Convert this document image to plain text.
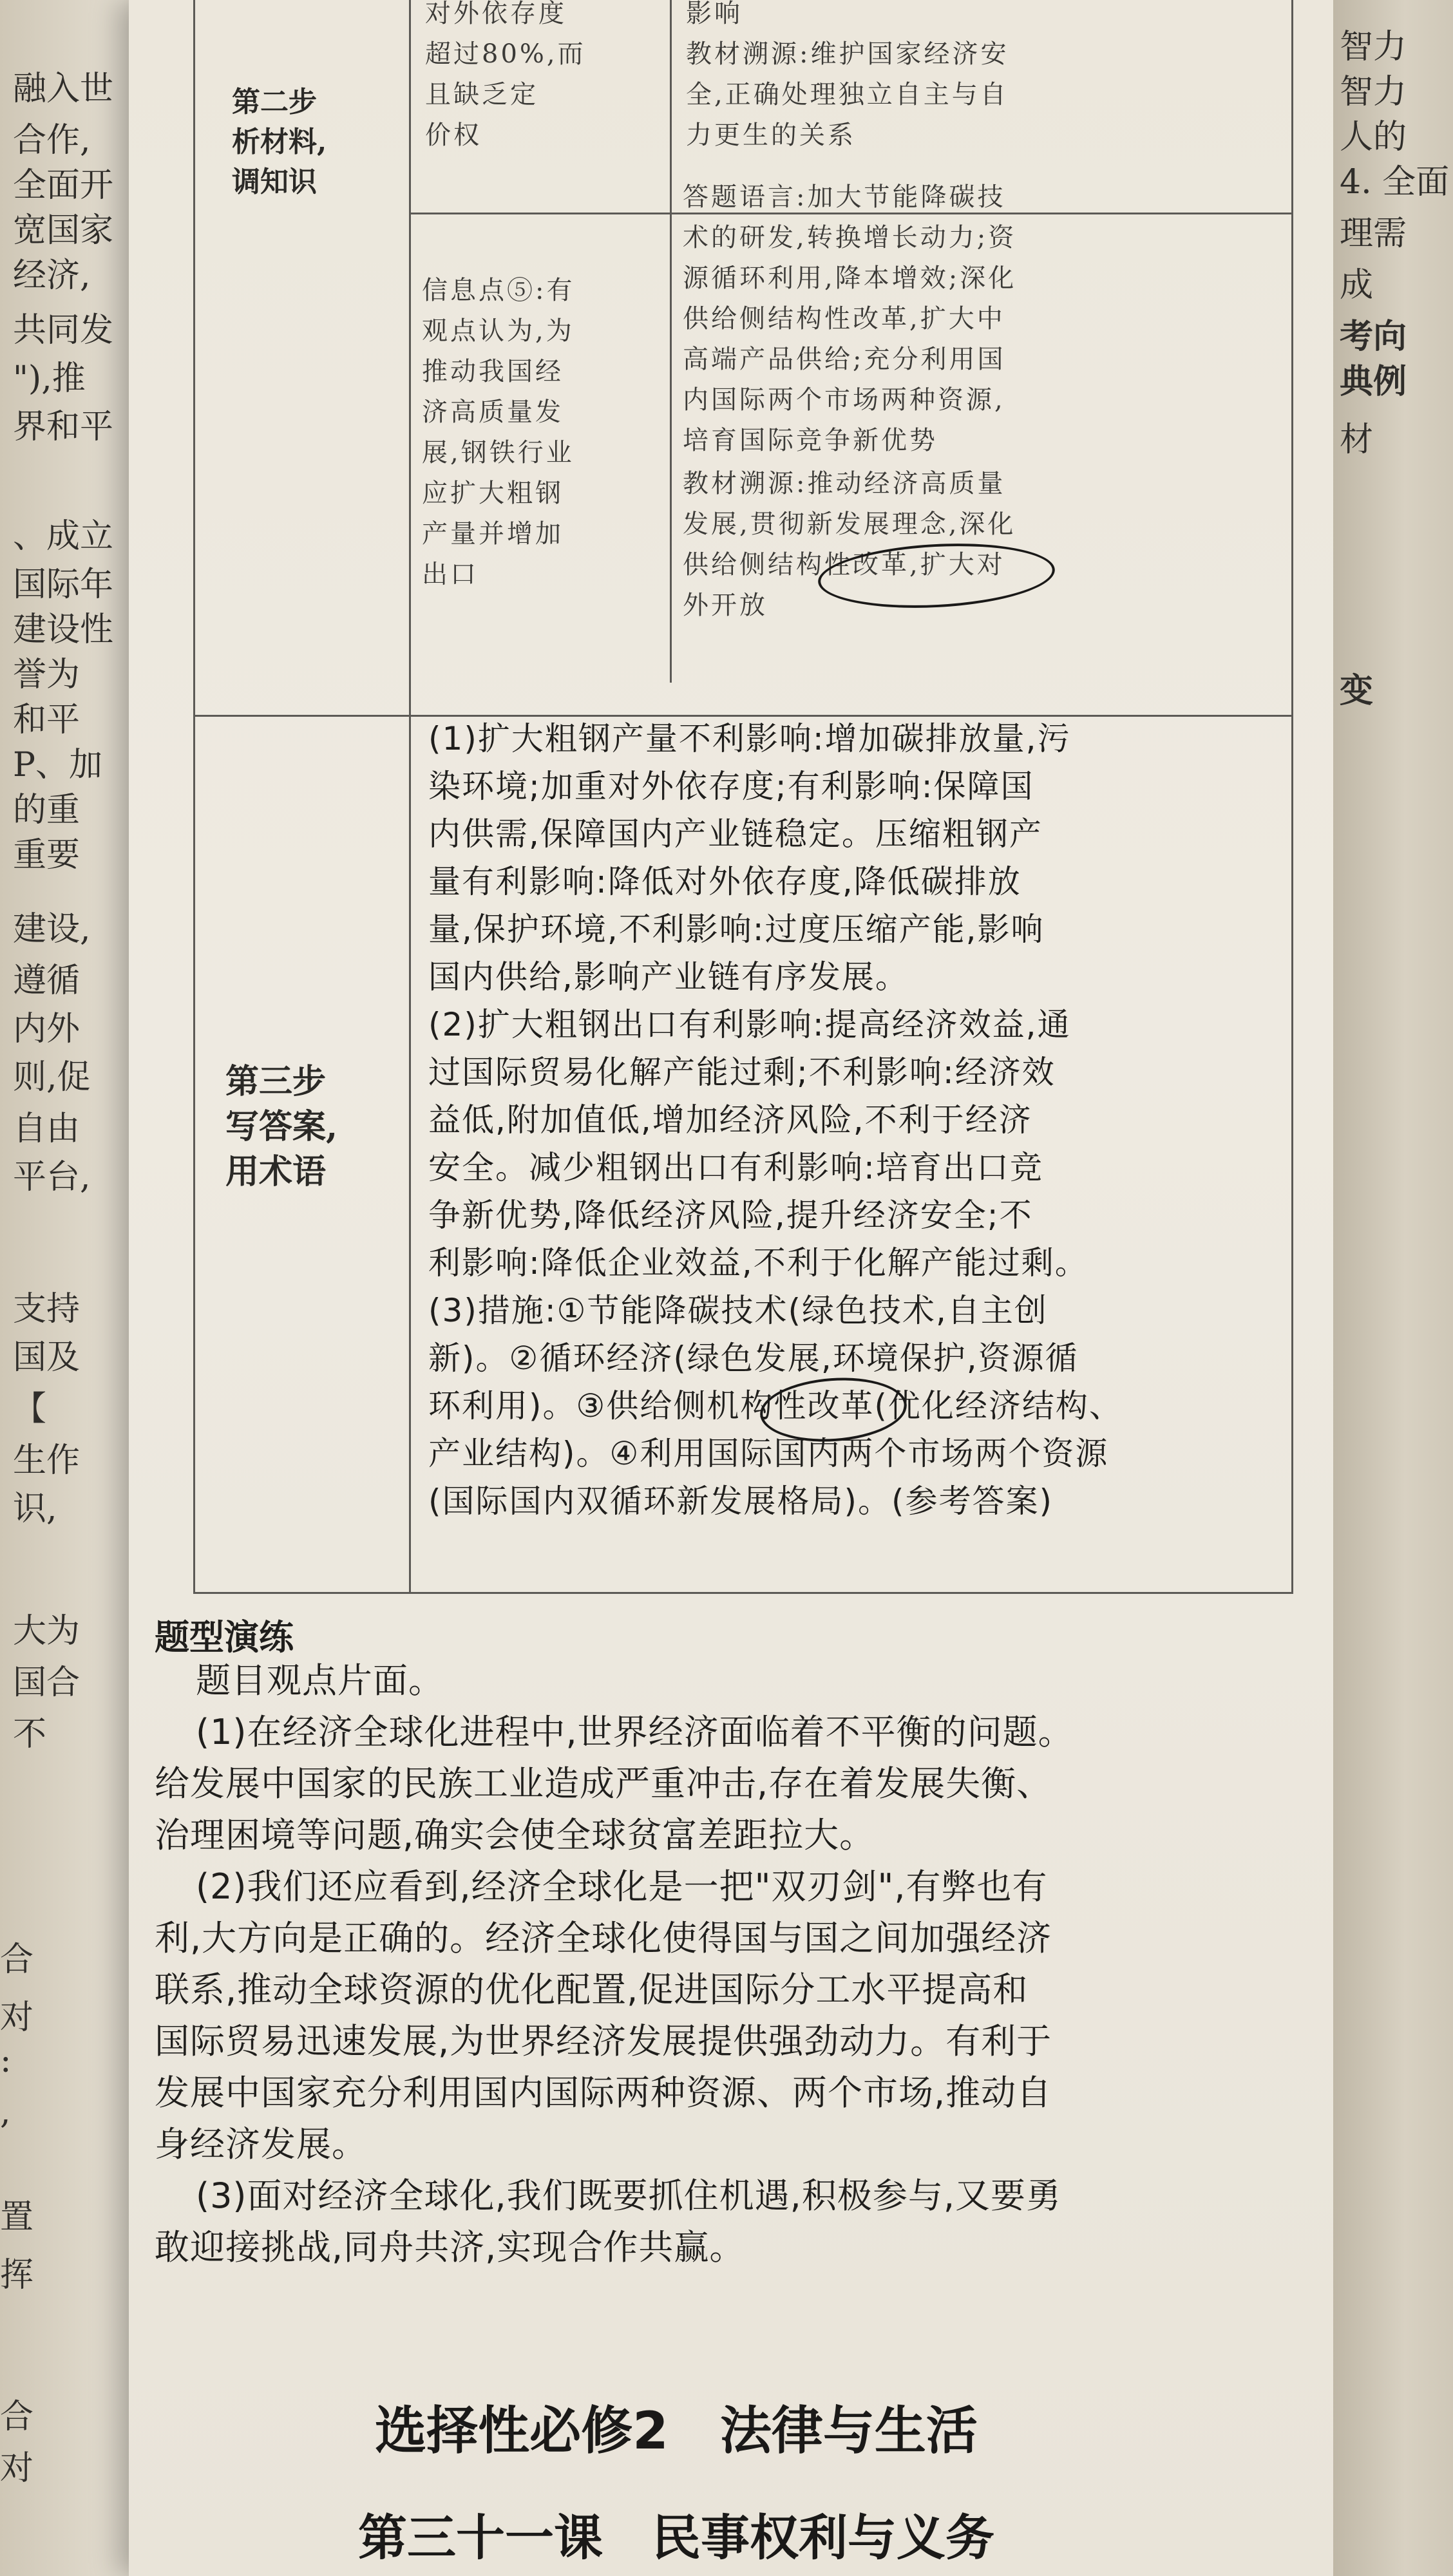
融入世
合作,
全面开
宽国家
经济,
共同发
"),推
界和平
、成立
国际年
建设性
誉为
和平
P、加
的重
重要
建设,
遵循
内外
则,促
自由
平台,
支持
国及
【
生作
识,
大为
国合
不
合
对
:
,
置
挥
合
对
智力
智力
人的
4. 全面
理需
成
考向
典例
材
变
第二步
析材料,
调知识
对外依存度
超过80%,而
且缺乏定
价权
影响
教材溯源:维护国家经济安
全,正确处理独立自主与自
力更生的关系
信息点⑤:有
观点认为,为
推动我国经
济高质量发
展,钢铁行业
应扩大粗钢
产量并增加
出口
答题语言:加大节能降碳技
术的研发,转换增长动力;资
源循环利用,降本增效;深化
供给侧结构性改革,扩大中
高端产品供给;充分利用国
内国际两个市场两种资源,
培育国际竞争新优势
教材溯源:推动经济高质量
发展,贯彻新发展理念,深化
供给侧结构性改革,扩大对
外开放
第三步
写答案,
用术语
(1)扩大粗钢产量不利影响:增加碳排放量,污
染环境;加重对外依存度;有利影响:保障国
内供需,保障国内产业链稳定。压缩粗钢产
量有利影响:降低对外依存度,降低碳排放
量,保护环境,不利影响:过度压缩产能,影响
国内供给,影响产业链有序发展。
(2)扩大粗钢出口有利影响:提高经济效益,通
过国际贸易化解产能过剩;不利影响:经济效
益低,附加值低,增加经济风险,不利于经济
安全。减少粗钢出口有利影响:培育出口竞
争新优势,降低经济风险,提升经济安全;不
利影响:降低企业效益,不利于化解产能过剩。
(3)措施:①节能降碳技术(绿色技术,自主创
新)。②循环经济(绿色发展,环境保护,资源循
环利用)。③供给侧机构性改革(优化经济结构、
产业结构)。④利用国际国内两个市场两个资源
(国际国内双循环新发展格局)。(参考答案)
题型演练

题目观点片面。

(1)在经济全球化进程中,世界经济面临着不平衡的问题。

给发展中国家的民族工业造成严重冲击,存在着发展失衡、

治理困境等问题,确实会使全球贫富差距拉大。

(2)我们还应看到,经济全球化是一把"双刃剑",有弊也有

利,大方向是正确的。经济全球化使得国与国之间加强经济

联系,推动全球资源的优化配置,促进国际分工水平提高和

国际贸易迅速发展,为世界经济发展提供强劲动力。有利于

发展中国家充分利用国内国际两种资源、两个市场,推动自

身经济发展。

(3)面对经济全球化,我们既要抓住机遇,积极参与,又要勇

敢迎接挑战,同舟共济,实现合作共赢。

选择性必修2　法律与生活
第三十一课　民事权利与义务
